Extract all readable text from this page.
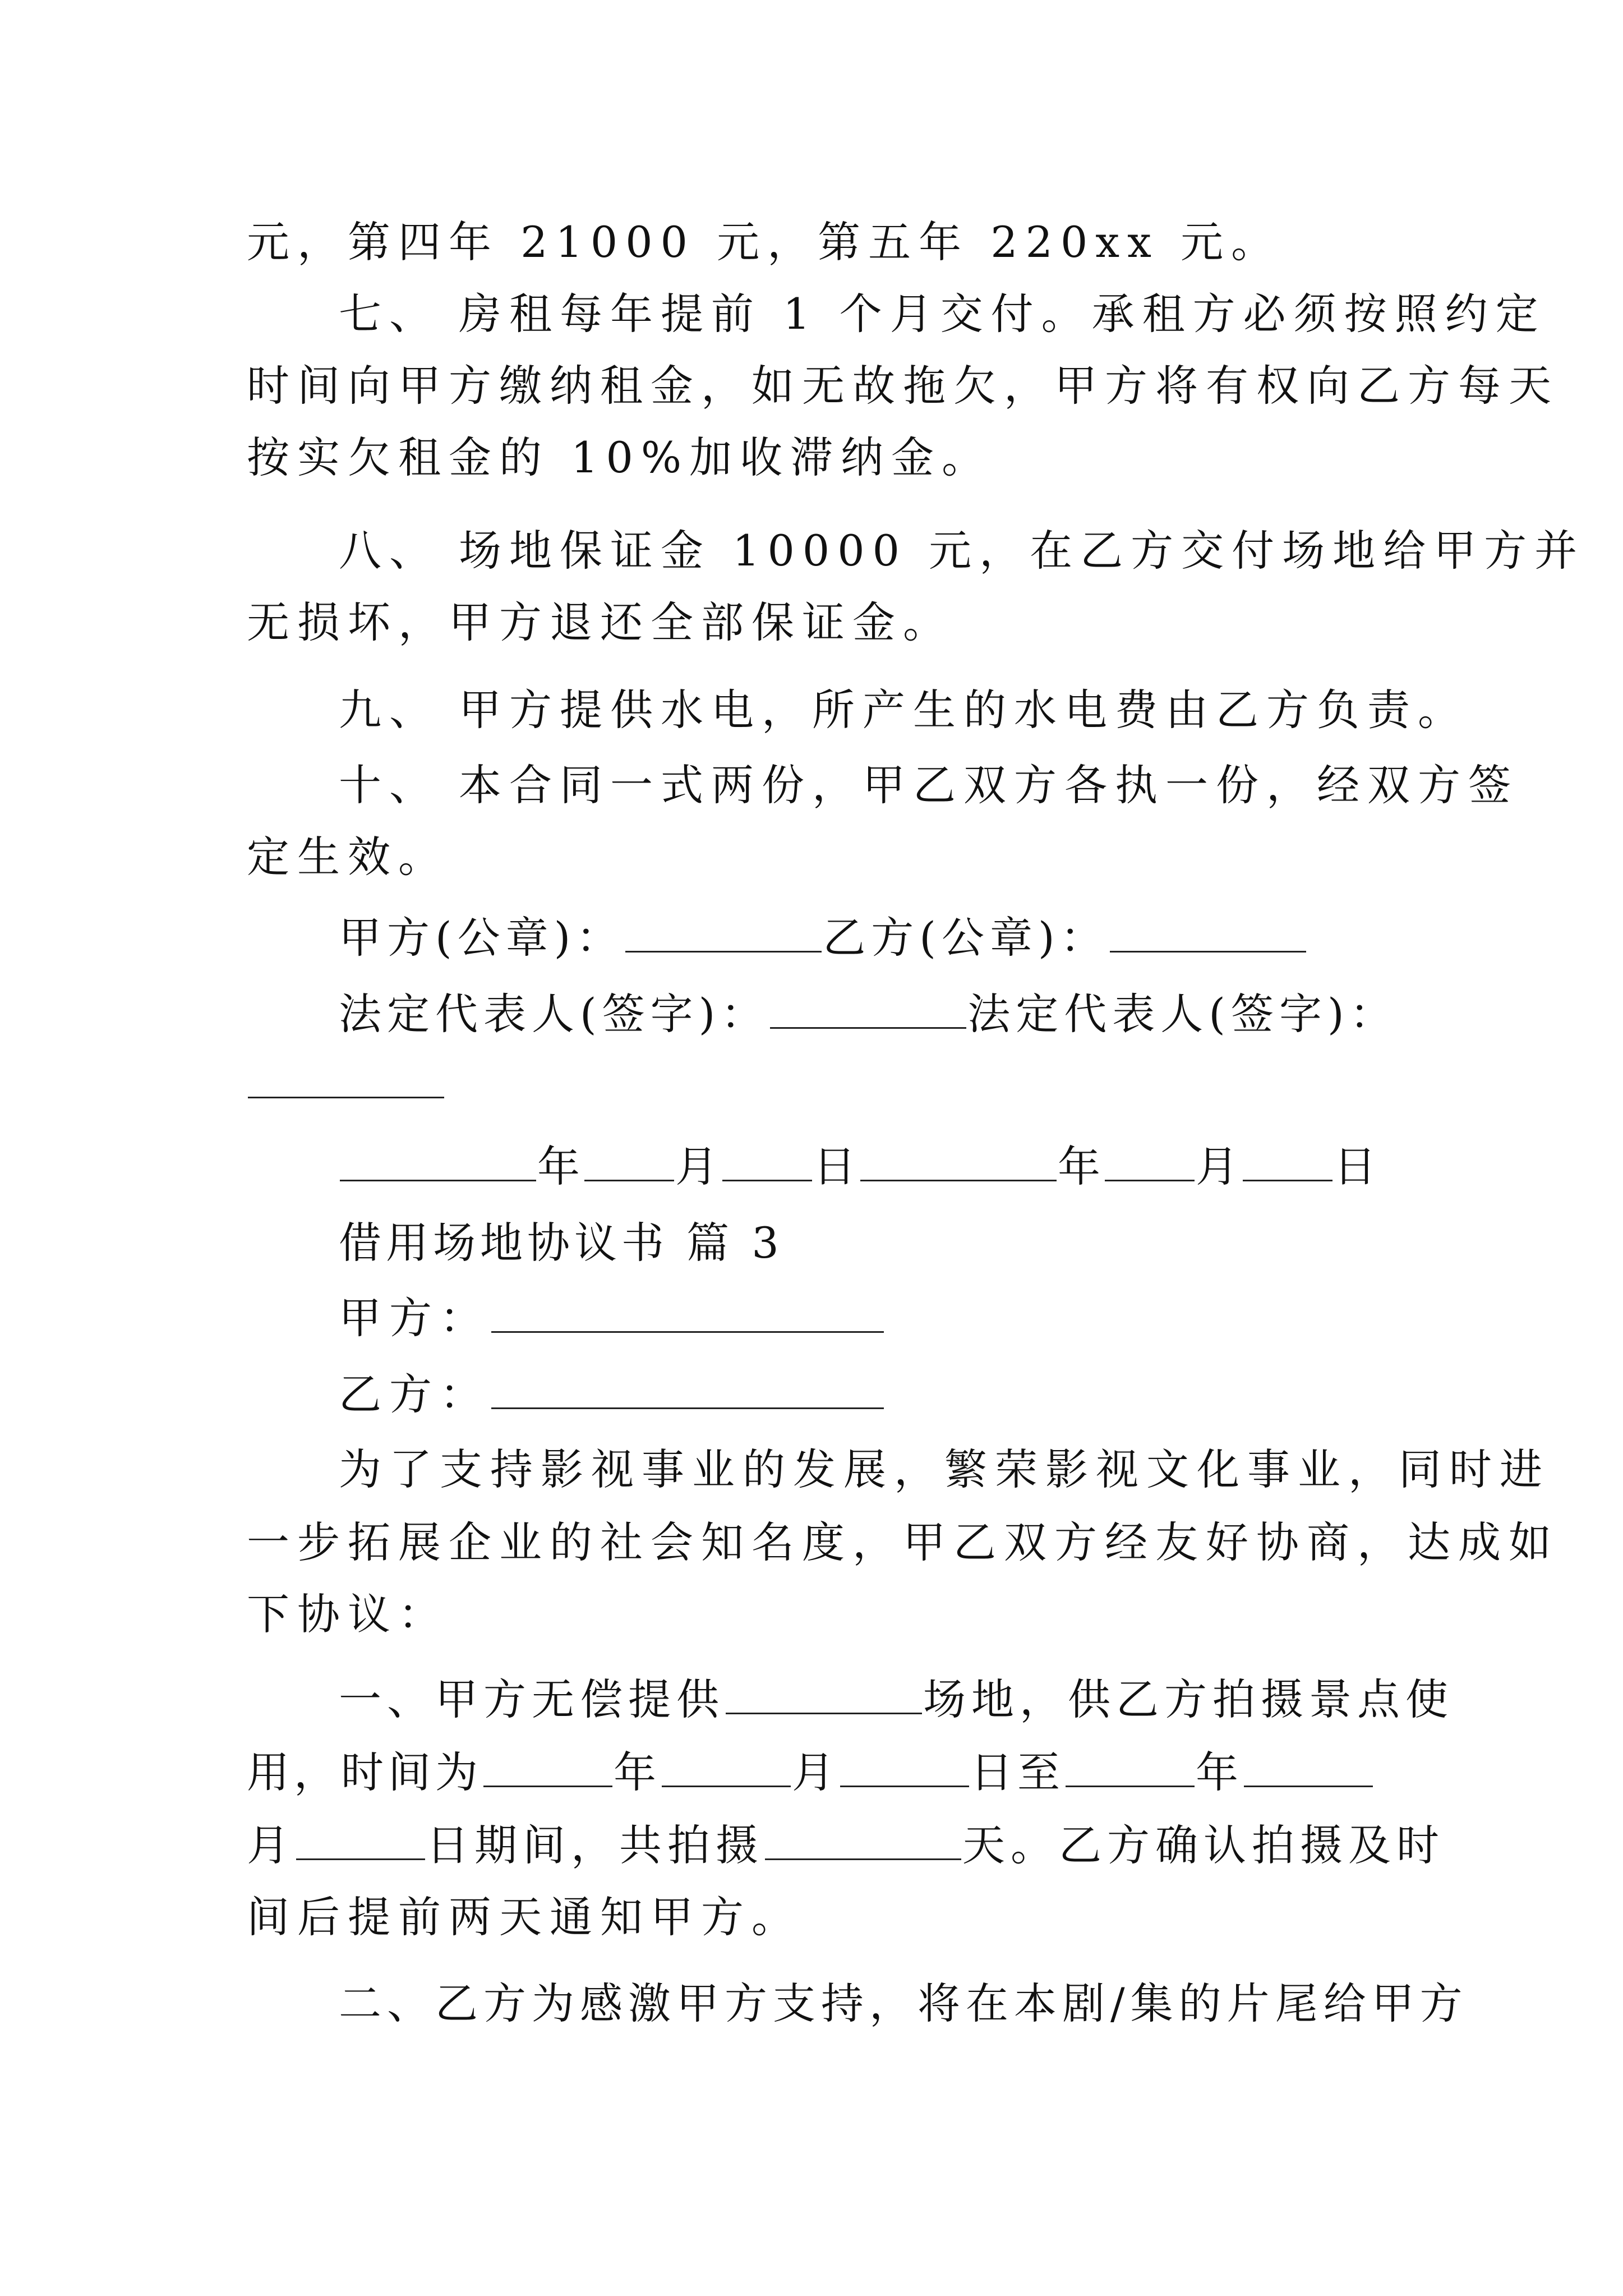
元，第四年 21000 元，第五年 220xx 元。
七、 房租每年提前 1 个月交付。承租方必须按照约定
时间向甲方缴纳租金，如无故拖欠，甲方将有权向乙方每天
按实欠租金的 10%加收滞纳金。
八、 场地保证金 10000 元，在乙方交付场地给甲方并
无损坏，甲方退还全部保证金。
九、 甲方提供水电，所产生的水电费由乙方负责。
十、 本合同一式两份，甲乙双方各执一份，经双方签
定生效。
甲方(公章)：	乙方(公章)：
法定代表人(签字)：	法定代表人(签字)：
年 月 日	年 月 日
借用场地协议书 篇 3
甲方：
乙方：
为了支持影视事业的发展，繁荣影视文化事业，同时进
一步拓展企业的社会知名度，甲乙双方经友好协商，达成如
下协议：
一、甲方无偿提供	场地，供乙方拍摄景点使
用，时间为	年	月	日至	年
月	日期间，共拍摄	天。乙方确认拍摄及时
间后提前两天通知甲方。
二、乙方为感激甲方支持，将在本剧/集的片尾给甲方
